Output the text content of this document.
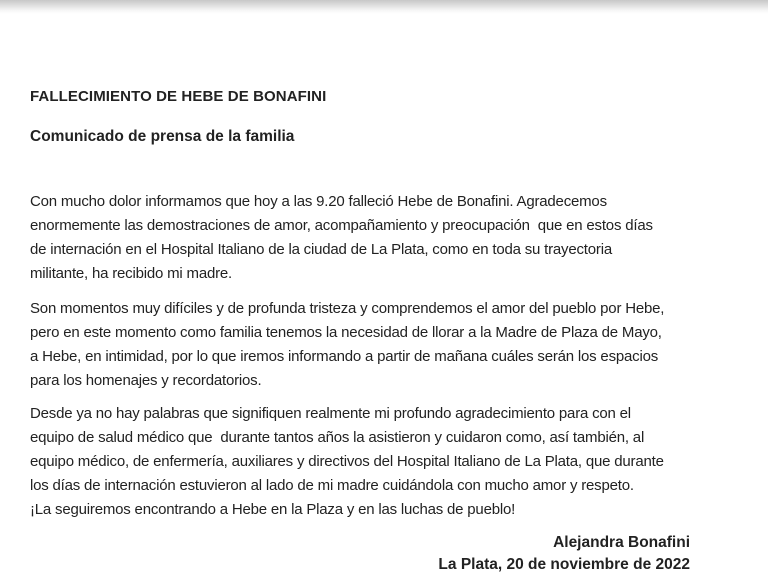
FALLECIMIENTO DE HEBE DE BONAFINI
Comunicado de prensa de la familia
Con mucho dolor informamos que hoy a las 9.20 falleció Hebe de Bonafini. Agradecemos
enormemente las demostraciones de amor, acompañamiento y preocupación  que en estos días
de internación en el Hospital Italiano de la ciudad de La Plata, como en toda su trayectoria
militante, ha recibido mi madre.
Son momentos muy difíciles y de profunda tristeza y comprendemos el amor del pueblo por Hebe,
pero en este momento como familia tenemos la necesidad de llorar a la Madre de Plaza de Mayo,
a Hebe, en intimidad, por lo que iremos informando a partir de mañana cuáles serán los espacios
para los homenajes y recordatorios.
Desde ya no hay palabras que signifiquen realmente mi profundo agradecimiento para con el
equipo de salud médico que  durante tantos años la asistieron y cuidaron como, así también, al
equipo médico, de enfermería, auxiliares y directivos del Hospital Italiano de La Plata, que durante
los días de internación estuvieron al lado de mi madre cuidándola con mucho amor y respeto.
¡La seguiremos encontrando a Hebe en la Plaza y en las luchas de pueblo!
Alejandra Bonafini
La Plata, 20 de noviembre de 2022
